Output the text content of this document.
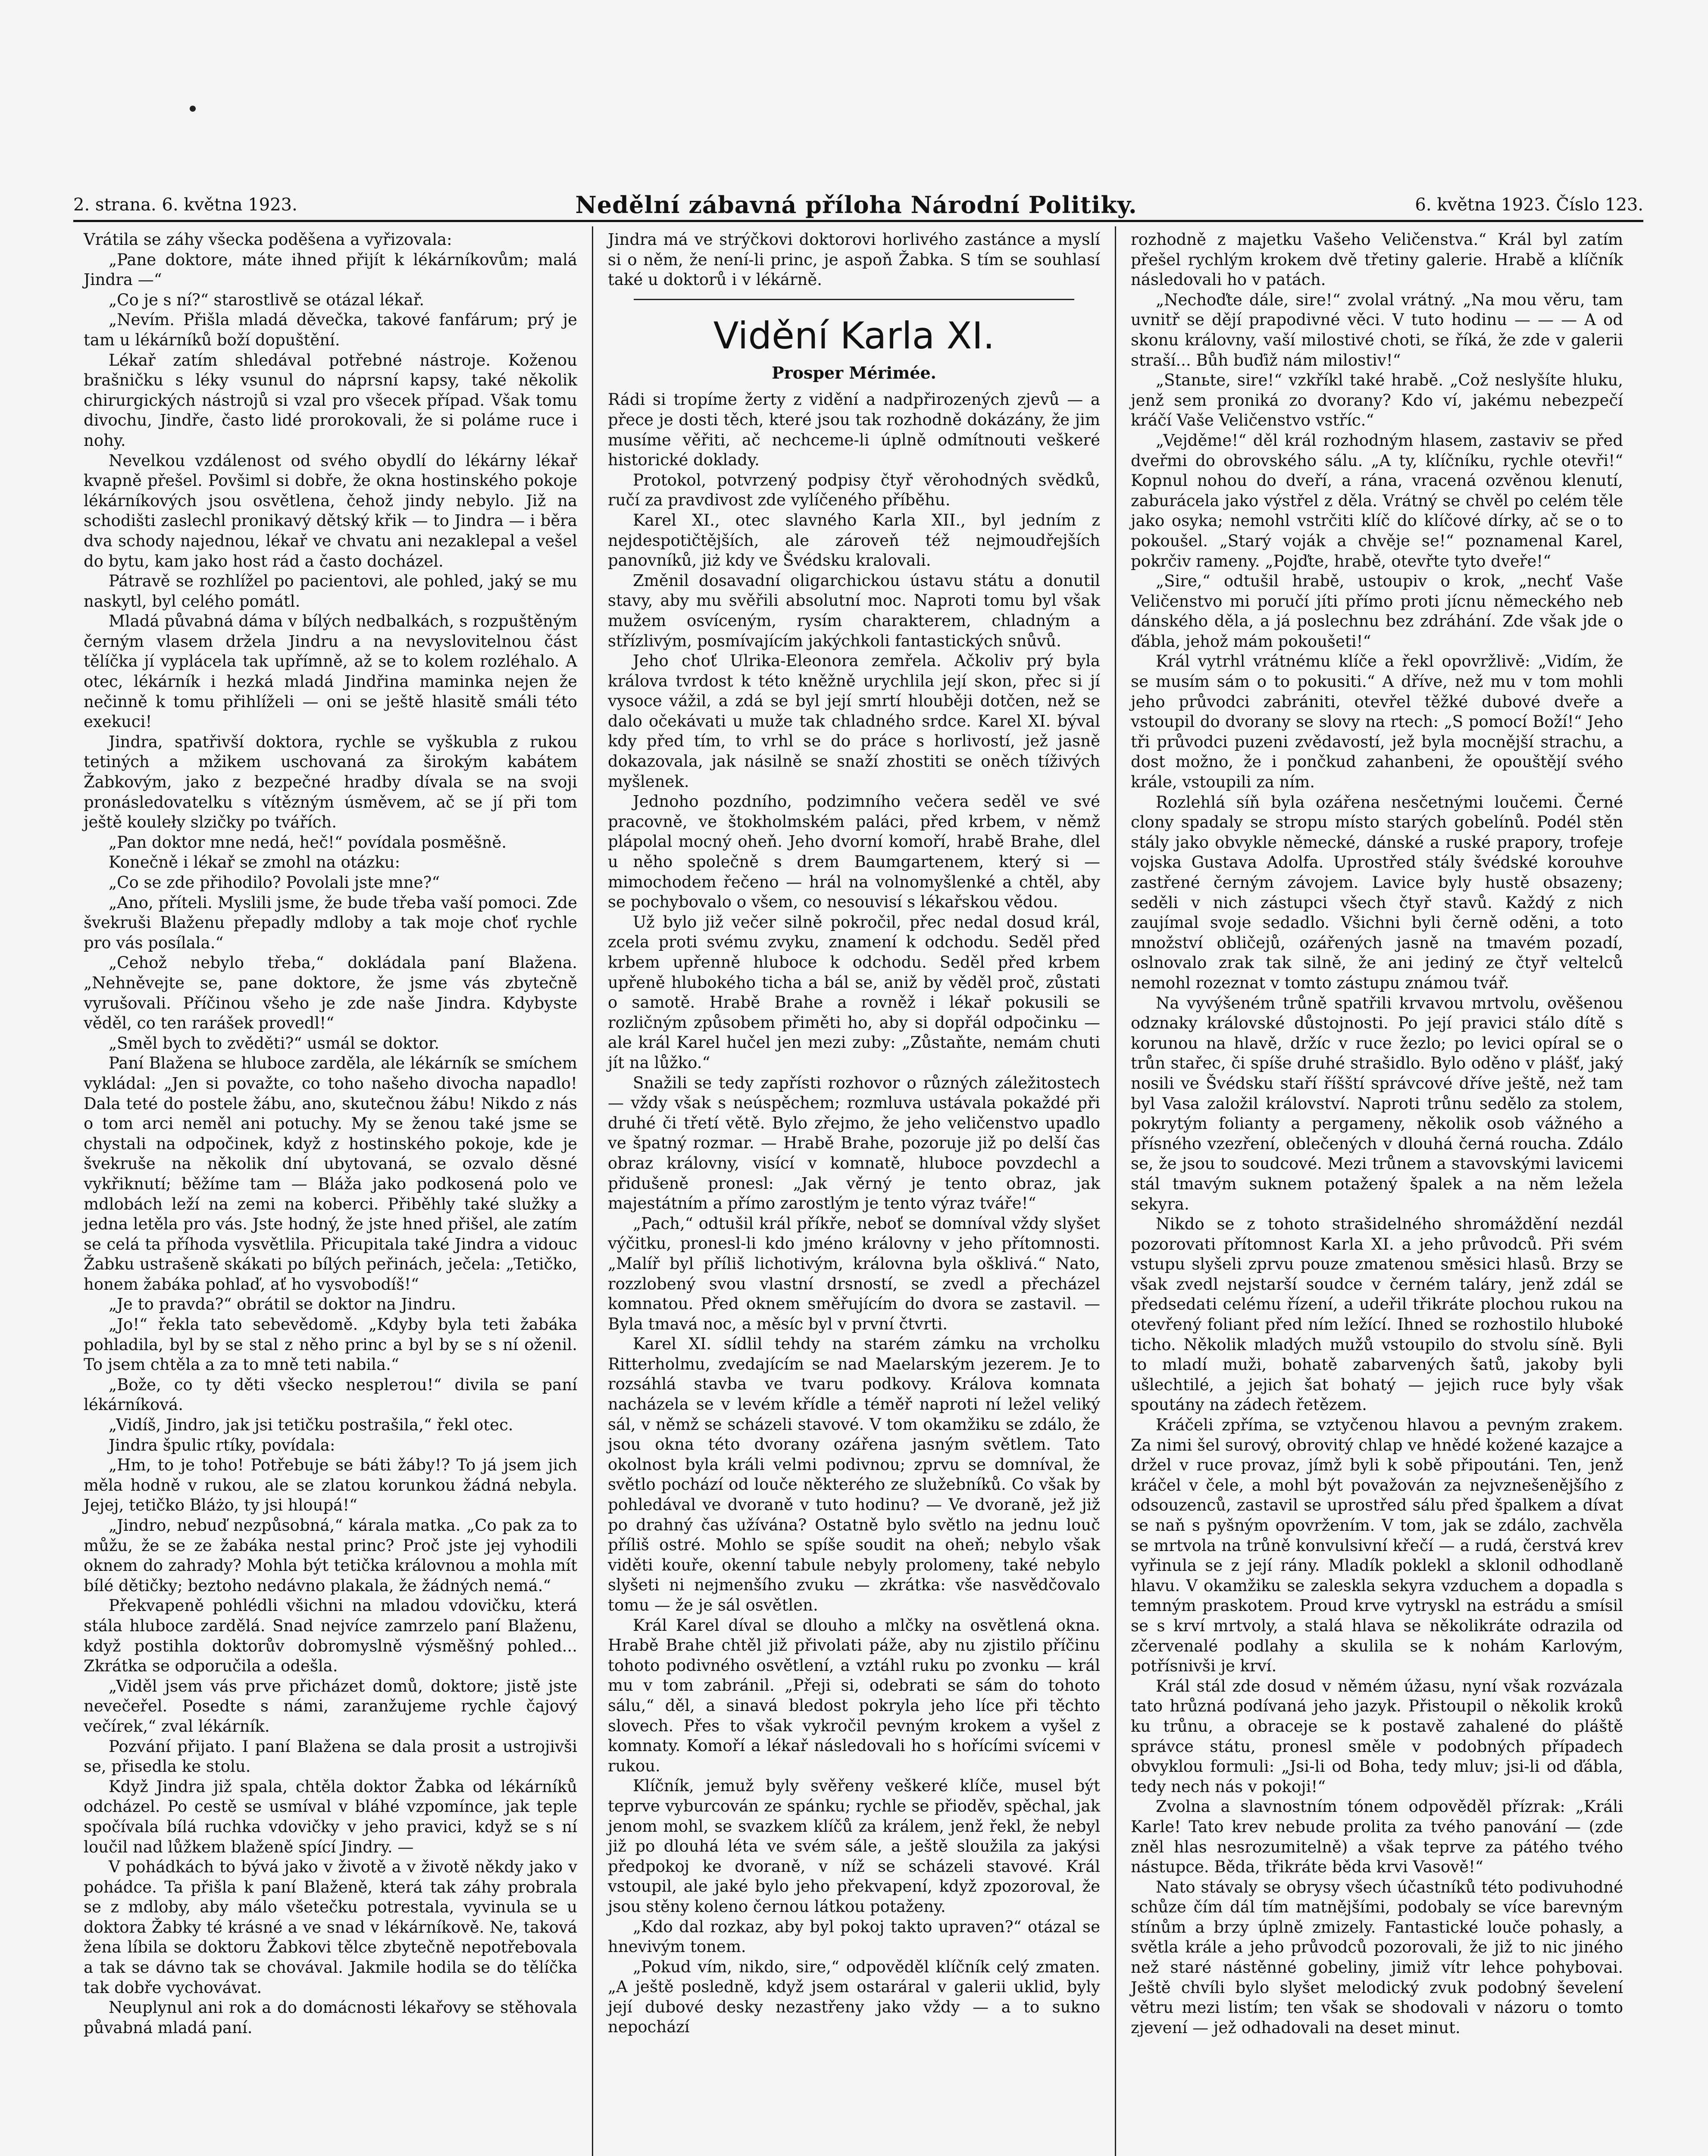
2. strana. 6. května 1923.	Nedělní zábavná příloha Národní Politiky.	6. května 1923. Číslo 123.

Vrátila se záhy všecka poděšena a vyřizovala:

„Pane doktore, máte ihned přijít k lékárníkovům; malá Jindra —“

„Co je s ní?“ starostlivě se otázal lékař.

„Nevím. Přišla mladá děvečka, takové fanfárum; prý je tam u lékárníků boží dopuštění.

Lékař zatím shledával potřebné nástroje. Koženou brašničku s léky vsunul do náprsní kapsy, také několik chirurgických nástrojů si vzal pro všecek případ. Však tomu divochu, Jindře, často lidé prorokovali, že si polámе ruce i nohy.

Nevelkou vzdálenost od svého obydlí do lékárny lékař kvapně přešel. Povšiml si dobře, že okna hostinského pokoje lékárníkových jsou osvětlena, čehož jindy nebylo. Již na schodišti zaslechl pronikavý dětský křik — to Jindra — i běra dva schody najednou, lékař ve chvatu ani nezaklepal a vešel do bytu, kam jako host rád a často docházel.

Pátravě se rozhlížel po pacientovi, ale pohled, jaký se mu naskytl, byl celého pomátl.

Mladá půvabná dáma v bílých nedbalkách, s rozpuštěným černým vlasem držela Jindru a na nevyslovitelnou část tělíčka jí vyplácela tak upřímně, až se to kolem rozléhalo. A otec, lékárník i hezká mladá Jindřina maminka nejen že nečinně k tomu přihlíželi — oni se ještě hlasitě smáli této exekuci!

Jindra, spatřivší doktora, rychle se vyškubla z rukou tetiných a mžikem uschovaná za širokým kabátem Žabkovým, jako z bezpečné hradby dívala se na svoji pronásledovatelku s vítězným úsměvem, ač se jí při tom ještě kouleły slzičky po tvářích.

„Pan doktor mne nedá, heč!“ povídala posměšně.

Konečně i lékař se zmohl na otázku:

„Co se zde přihodilo? Povolali jste mne?“

„Ano, příteli. Myslili jsme, že bude třeba vaší pomoci. Zde švekruši Blaženu přepadly mdloby a tak moje choť rychle pro vás posílala.“

„Cehož nebylo třeba,“ dokládala paní Blažena. „Nehněvejte se, pane doktore, že jsme vás zbytečně vyrušovali. Příčinou všeho je zde naše Jindra. Kdybyste věděl, co ten rarášek provedl!“

„Směl bych to zvěděti?“ usmál se doktor.

Paní Blažena se hluboce zarděla, ale lékárník se smíchem vykládal: „Jen si považte, co toho našeho divocha napadlo! Dala teté do postele žábu, ano, skutečnou žábu! Nikdo z nás o tom arci neměl ani potuchy. My se ženou také jsme se chystali na odpočinek, když z hostinského pokoje, kde je švekruše na několik dní ubytovaná, se ozvalo děsné vykřiknutí; běžíme tam — Bláža jako podkosená polo ve mdlobách leží na zemi na koberci. Přiběhly také služky a jedna letěla pro vás. Jste hodný, že jste hned přišel, ale zatím se celá ta příhoda vysvětlila. Přicupitala také Jindra a vidouc Žabku ustrašeně skákati po bílých peřinách, ječela: „Tetičko, honem žabáka pohlaď, ať ho vysvobodíš!“

„Je to pravda?“ obrátil se doktor na Jindru.

„Jo!“ řekla tato sebevědomě. „Kdyby byla teti žabáka pohladila, byl by se stal z něho princ a byl by se s ní oženil. To jsem chtěla a za to mně teti nabila.“

„Bože, co ty děti všecko nesplетou!“ divila se paní lékárníková.

„Vidíš, Jindro, jak jsi tetičku postrašila,“ řekl otec.

Jindra špulic rtíky, povídala:

„Hm, to je toho! Potřebuje se báti žáby!? To já jsem jich měla hodně v rukou, ale se zlatou korunkou žádná nebyla. Jejej, tetičko Bláżo, ty jsi hloupá!“

„Jindro, nebuď nezpůsobná,“ kárala matka. „Co pak za to můžu, že se ze žabáka nestal princ? Proč jste jej vyhodili oknem do zahrady? Mohla být tetička královnou a mohla mít bílé dětičky; beztoho nedávno plakala, že žádných nemá.“

Překvapeně pohlédli všichni na mladou vdovičku, která stála hluboce zardělá. Snad nejvíce zamrzelo paní Blaženu, když postihla doktorův dobromyslně výsměšný pohled... Zkrátka se odporučila a odešla.

„Viděl jsem vás prve přicházet domů, doktore; jistě jste nevečeřel. Posedte s námi, zaranžujeme rychle čajový večírek,“ zval lékárník.

Pozvání přijato. I paní Blažena se dala prosit a ustrojivši se, přisedla ke stolu.

Když Jindra již spala, chtěla doktor Žabka od lékárníků odcházel. Po cestě se usmíval v bláhé vzpomínce, jak teple spočívala bílá ruchka vdovičky v jeho pravici, když se s ní loučil nad lůžkem blaženě spící Jindry. —

V pohádkách to bývá jako v životě a v životě někdy jako v pohádce. Ta přišla k paní Blaženě, která tak záhy probrala se z mdloby, aby málo všetečku potrestala, vyvinula se u doktora Žabky té krásné a ve snad v lékárníkově. Ne, taková žena líbila se doktoru Žabkovi tělce zbytečně nepotřebovala a tak se dávno tak se chovával. Jakmile hodila se do tělíčka tak dobře vychovávat.

Neuplynul ani rok a do domácnosti lékařovy se stěhovala půvabná mladá paní.

Jindra má ve strýčkovi doktorovi horlivého zastánce a myslí si o něm, že není-li princ, je aspoň Žabka. S tím se souhlasí také u doktorů i v lékárně.

Vidění Karla XI.
Prosper Mérimée.

Rádi si tropíme žerty z vidění a nadpřirozených zjevů — a přece je dosti těch, které jsou tak rozhodně dokázány, že jim musíme věřiti, ač nechceme-li úplně odmítnouti veškeré historické doklady.

Protokol, potvrzený podpisy čtyř věrohodných svědků, ručí za pravdivost zde vylíčeného příběhu.

Karel XI., otec slavného Karla XII., byl jedním z nejdespotičtějších, ale zároveň též nejmoudřejších panovníků, jiż kdy ve Švédsku kralovali.

Změnil dosavadní oligarchickou ústavu státu a donutil stavy, aby mu svěřili absolutní moc. Naproti tomu byl však mužem osvíceným, rysím charakterem, chladným a střízlivým, posmívajícím jakýchkoli fantastických snůvů.

Jeho choť Ulrika-Eleonora zemřela. Ačkoliv prý byla králova tvrdost k této kněžně urychlila její skon, přec si jí vysoce vážil, a zdá se byl její smrtí hlouběji dotčen, než se dalo očekávati u muže tak chladného srdce. Karel XI. býval kdy před tím, to vrhl se do práce s horlivostí, jež jasně dokazovala, jak násilně se snaží zhostiti se oněch tíživých myšlenek.

Jednoho pozdního, podzimního večera seděl ve své pracovně, ve štokholmském paláci, před krbem, v němž plápolal mocný oheň. Jeho dvorní komoří, hrabě Brahe, dlel u něho společně s drem Baumgartenem, který si — mimochodem řečeno — hrál na volnomyšlenké a chtěl, aby se pochybovalo o všem, co nesouvisí s lékařskou vědou.

Už bylo již večer silně pokročil, přec nedal dosud král, zcela proti svému zvyku, znamení k odchodu. Seděl před krbem upřenně hluboce k odchodu. Seděl před krbem upřeně hlubokého ticha a bál se, aniž by věděl proč, zůstati o samotě. Hrabě Brahe a rovněž i lékař pokusili se rozličným způsobem přiměti ho, aby si dopřál odpočinku — ale král Karel hučel jen mezi zuby: „Zůstaňte, nemám chuti jít na lůžko.“

Snažili se tedy zapřísti rozhovor o různých záležitostech — vždy však s neúspěchem; rozmluva ustávala pokaždé při druhé či třetí větě. Bylo zřejmo, že jeho veličenstvo upadlo ve špatný rozmar. — Hrabě Brahe, pozoruje již po delší čas obraz královny, visící v komnatě, hlubоce povzdechl a přidušeně pronesl: „Jak věrný je tento obraz, jak majestátním a přímo zarostlým je tento výraz tváře!“

„Pach,“ odtušil král příkře, neboť se domníval vždy slyšet výčitku, pronesl-li kdo jméno královny v jeho přítomnosti. „Malíř byl příliš lichotivým, královna byla ošklivá.“ Nato, rozzlobený svou vlastní drsností, se zvedl a přecházel komnatou. Před oknem směřujícím do dvora se zastavil. — Byla tmavá noc, a měsíc byl v první čtvrti.

Karel XI. sídlil tehdy na starém zámku na vrcholku Ritterholmu, zvedajícím se nad Maelarským jezerem. Je to rozsáhlá stavba ve tvaru podkovy. Králova komnata nacházela se v levém křídle a téměř naproti ní ležel veliký sál, v němž se scházeli stavové. V tom okamžiku se zdálo, že jsou okna této dvorany ozářena jasným světlem. Tato okolnost byla králi velmi podivnou; zprvu se domníval, že světlo pochází od louče některého ze služebníků. Co však by pohledával ve dvoraně v tuto hodinu? — Ve dvoraně, jež již po drahný čas užívána? Ostatně bylo světlo na jednu louč příliš ostré. Mohlo se spíše soudit na oheň; nebylo však viděti kouře, okenní tabule nebyly prolomeny, také nebylo slyšeti ni nejmenšího zvuku — zkrátka: vše nasvědčovalo tomu — že je sál osvětlen.

Král Karel díval se dlouho a mlčky na osvětlená okna. Hrabě Brahe chtěl již přivolati páže, aby nu zjistilo příčinu tohoto podivného osvětlení, a vztáhl ruku po zvonku — král mu v tom zabránil. „Přeji si, odebrati se sám do tohoto sálu,“ děl, a sinavá bledost pokryla jeho líce při těchto slovech. Přes to však vykročil pevným krokem a vyšel z komnaty. Komoří a lékař následovali ho s hořícími svícemi v rukou.

Klíčník, jemuž byly svěřeny veškeré klíče, musel být teprve vyburcován ze spánku; rychle se přioděv, spěchal, jak jenom mohl, se svazkem klíčů za králem, jenž řekl, že nebyl již po dlouhá léta ve svém sále, a ještě sloužila za jakýsi předpokoj ke dvoraně, v níž se scházeli stavové. Král vstoupil, ale jaké bylo jeho překvapení, když zpozoroval, že jsou stěny koleno černou látkou potaženy.

„Kdo dal rozkaz, aby byl pokoj takto upraven?“ otázal se hnevivým tonem.

„Pokud vím, nikdo, sire,“ odpověděl klíčník celý zmaten. „A ještě posledně, když jsem ostaráral v galerii uklid, byly její dubové desky nezastřeny jako vždy — a to sukno nepochází

rozhodně z majetku Vašeho Veličenstva.“ Král byl zatím přešel rychlým krokem dvě třetiny galerie. Hrabě a klíčník následovali ho v patách.

„Nechoďte dále, sire!“ zvolal vrátný. „Na mou věru, tam uvnitř se dějí prapodivné věci. V tuto hodinu — — — A od skonu královny, vaší milostivé choti, se říká, že zde v galerii straší... Bůh buďiž nám milostiv!“

„Stanьte, sire!“ vzkříkl také hrabě. „Což neslyšíte hluku, jenž sem proniká zo dvorany? Kdo ví, jakému nebezpečí kráčí Vaše Veličenstvo vstříc.“

„Vejděme!“ děl král rozhodným hlasem, zastaviv se před dveřmi do obrovského sálu. „A ty, klíčníku, rychle otevři!“ Kopnul nohou do dveří, a rána, vracená ozvěnou klenutí, zaburácela jako výstřel z děla. Vrátný se chvěl po celém těle jako osyka; nemohl vstrčiti klíč do klíčové dírky, ač se o to pokoušel. „Starý voják a chvěje se!“ poznamenal Karel, pokrčiv rameny. „Pojďte, hrabě, otevřte tyto dveře!“

„Sire,“ odtušil hrabě, ustoupiv o krok, „nechť Vaše Veličenstvo mi poručí jíti přímo proti jícnu německého neb dánského děla, a já poslechnu bez zdráhání. Zde však jde o ďábla, jehož mám pokoušeti!“

Král vytrhl vrátnému klíče a řekl opovržlivě: „Vidím, že se musím sám o to pokusiti.“ A dříve, než mu v tom mohli jeho průvodci zabrániti, otevřel těžké dubové dveře a vstoupil do dvorany se slovy na rtech: „S pomocí Boží!“ Jeho tři průvodci puzeni zvědavostí, jež byla mocnější strachu, a dost možno, že i pončkud zahanbeni, že opouštějí svého krále, vstoupili za ním.

Rozlehlá síň byla ozářena nesčetnými loučemi. Černé clony spadaly se stropu místo starých gobelínů. Podél stěn stály jako obvykle německé, dánské a ruské prapory, trofeje vojska Gustava Adolfa. Uprostřed stály švédské korouhve zastřené černým závojem. Lavice byly hustě obsazeny; seděli v nich zástupci všech čtyř stavů. Každý z nich zaujímal svoje sedadlo. Všichni byli černě oděni, a toto množství obličejů, ozářených jasně na tmavém pozadí, oslnovalo zrak tak silně, že ani jediný ze čtyř veltelců nemohl rozeznat v tomto zástupu známou tvář.

Na vyvýšeném trůně spatřili krvavou mrtvolu, ověšenou odznaky královské důstojnosti. Po její pravici stálo dítě s korunou na hlavě, držíc v ruce žezlo; po levici opíral se o trůn stařec, či spíše druhé strašidlo. Bylo oděno v plášť, jaký nosili ve Švédsku staří říšští správcové dříve ještě, než tam byl Vasa založil království. Naproti trůnu sedělo za stolem, pokrytým folianty a pergameny, několik osob vážného a přísného vzezření, oblečených v dlouhá černá roucha. Zdálo se, že jsou to soudcové. Mezi trůnem a stavovskými lavicemi stál tmavým suknem potažený špalek a na něm ležela sekyra.

Nikdo se z tohoto strašidelného shromáždění nezdál pozorovati přítomnost Karla XI. a jeho průvodců. Při svém vstupu slyšeli zprvu pouze zmatenou směsici hlasů. Brzy se však zvedl nejstarší soudce v černém talárу, jenž zdál se předsedati celému řízení, a udeřil třikráte plochou rukou na otevřený foliant před ním ležící. Ihned se rozhostilo hluboké ticho. Několik mladých mužů vstoupilo do stvolu síně. Byli to mladí muži, bohatě zabarvených šatů, jakoby byli ušlechtilé, a jejich šat bohatý — jejich ruce byly však spoutány na zádech řetězem.

Kráčeli zpříma, se vztyčenou hlavou a pevným zrakem. Za nimi šel surový, obrovitý chlap ve hnědé kožené kazajce a držel v ruce provaz, jímž byli k sobě připoutáni. Ten, jenž kráčel v čele, a mohl být považován za nejvznešenějšího z odsouzenců, zastavil se uprostřed sálu před špalkem a dívat se naň s pyšným opovržením. V tom, jak se zdálo, zachvěla se mrtvola na trůně konvulsivní křečí — a rudá, čerstvá krev vyřinula se z její rány. Mladík poklekl a sklonil odhodlaně hlavu. V okamžiku se zaleskla sekyra vzduchem a dopadla s temným praskotem. Proud krve vytryskl na estrádu a smísil se s krví mrtvoly, a stalá hlava se několikráte odrazila od zčervenalé podlahy a skulila se k nohám Karlovým, potřísnivši je krví.

Král stál zde dosud v němém úžasu, nyní však rozvázala tato hrůzná podívaná jeho jazyk. Přistoupil o několik kroků ku trůnu, a obraceje se k postavě zahalené do pláště správce státu, pronesl směle v podobných případech obvyklou formuli: „Jsi-li od Boha, tedy mluv; jsi-li od ďábla, tedy nech nás v pokoji!“

Zvolna a slavnostním tónem odpověděl přízrak: „Králi Karle! Tato krev nebude prolita za tvého panování — (zde zněl hlas nesrozumitelně) a však teprve za pátého tvého nástupce. Běda, třikráte běda krvi Vasově!“

Nato stávaly se obrysy všech účastníků této podivuhodné schůze čím dál tím matnějšími, podobaly se více barevným stínům a brzy úplně zmizely. Fantastické louče pohasly, a světla krále a jeho průvodců pozorovali, že již to nic jiného než staré nástěnné gobeliny, jimiž vítr lehce pohybovai. Ještě chvíli bylo slyšet melodický zvuk podobný ševelení větru mezi listím; ten však se shodovali v názoru o tomto zjevení — jež odhadovali na deset minut.
